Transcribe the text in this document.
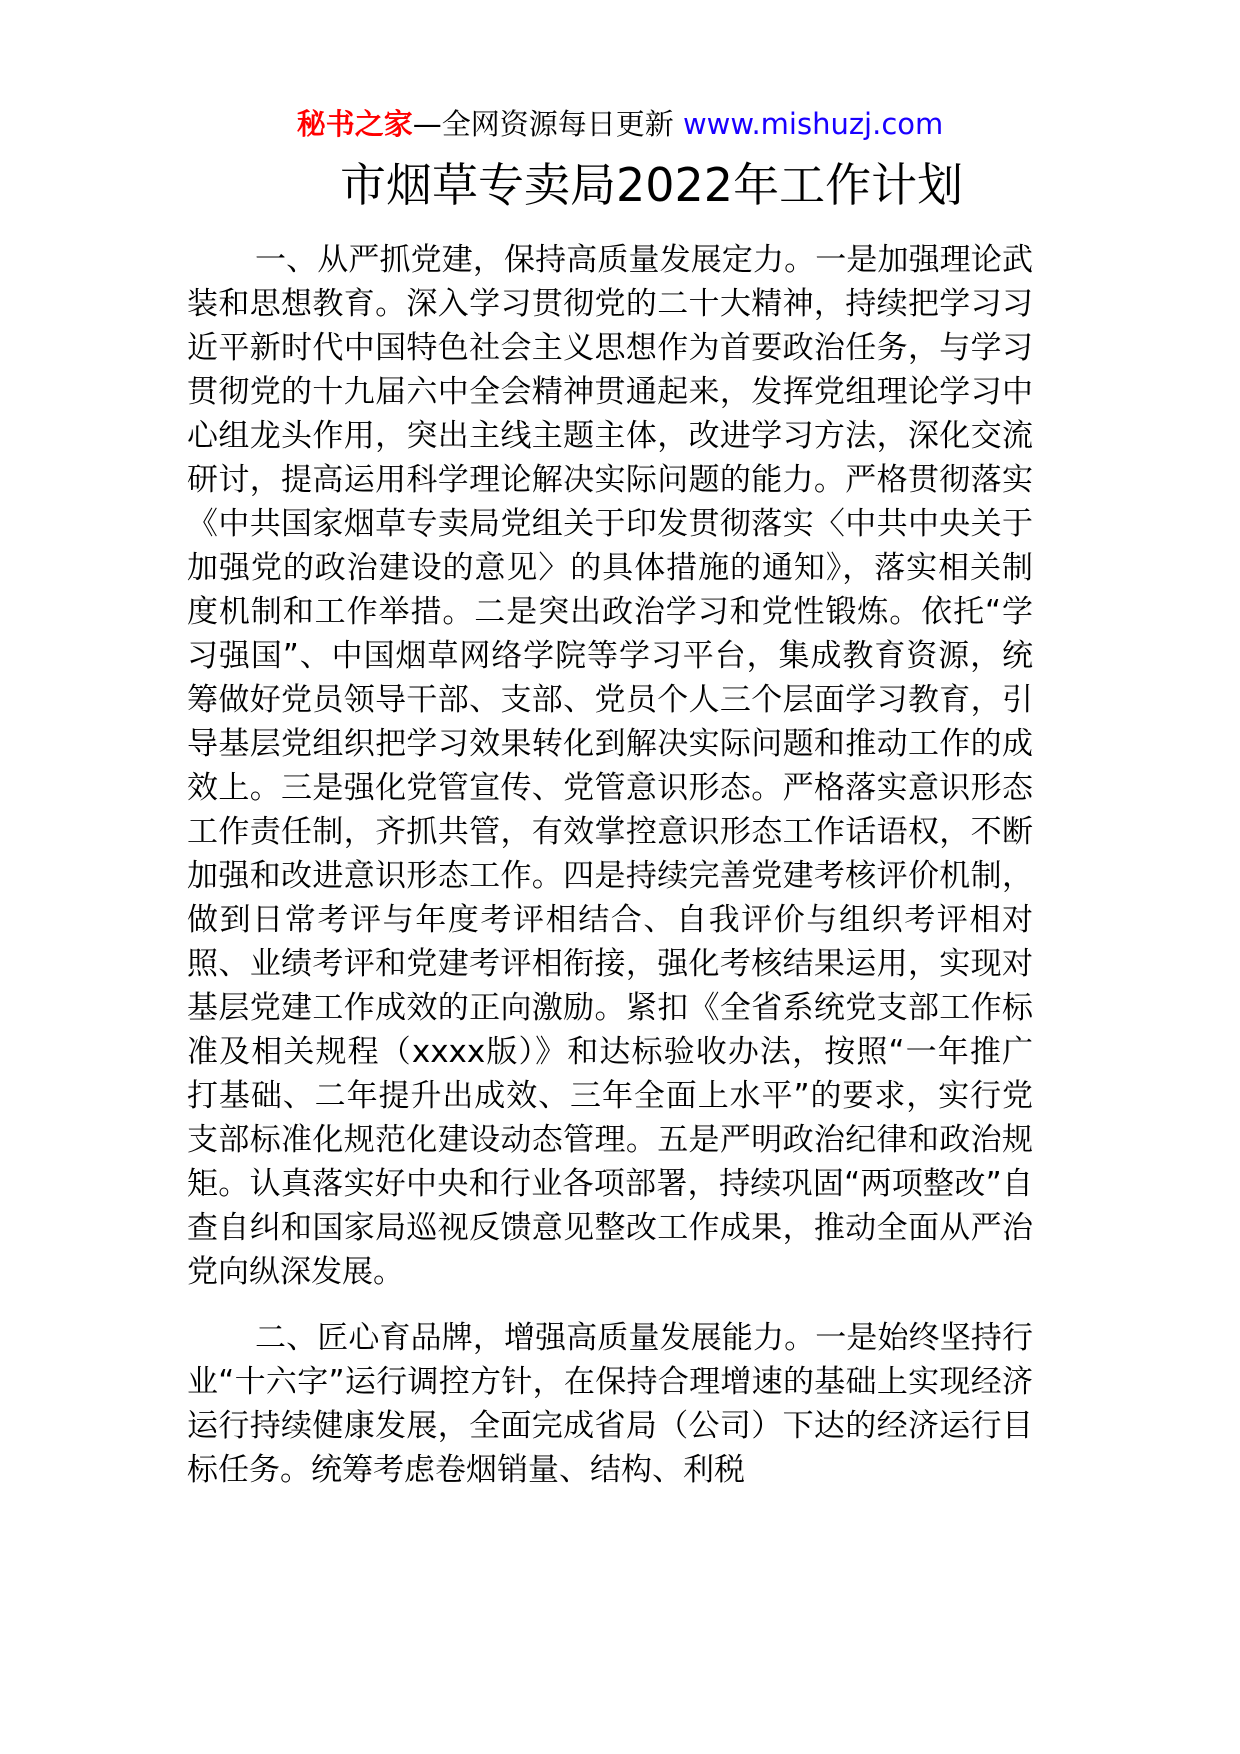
秘书之家—全网资源每日更新 www.mishuzj.com
市烟草专卖局2022年工作计划

一、从严抓党建，保持高质量发展定力。一是加强理论武装和思想教育。深入学习贯彻党的二十大精神，持续把学习习近平新时代中国特色社会主义思想作为首要政治任务，与学习贯彻党的十九届六中全会精神贯通起来，发挥党组理论学习中心组龙头作用，突出主线主题主体，改进学习方法，深化交流研讨，提高运用科学理论解决实际问题的能力。严格贯彻落实《中共国家烟草专卖局党组关于印发贯彻落实〈中共中央关于加强党的政治建设的意见〉的具体措施的通知》，落实相关制度机制和工作举措。二是突出政治学习和党性锻炼。依托“学习强国”、中国烟草网络学院等学习平台，集成教育资源，统筹做好党员领导干部、支部、党员个人三个层面学习教育，引导基层党组织把学习效果转化到解决实际问题和推动工作的成效上。三是强化党管宣传、党管意识形态。严格落实意识形态工作责任制，齐抓共管，有效掌控意识形态工作话语权，不断加强和改进意识形态工作。四是持续完善党建考核评价机制，做到日常考评与年度考评相结合、自我评价与组织考评相对照、业绩考评和党建考评相衔接，强化考核结果运用，实现对基层党建工作成效的正向激励。紧扣《全省系统党支部工作标准及相关规程（xxxx版）》和达标验收办法，按照“一年推广打基础、二年提升出成效、三年全面上水平”的要求，实行党支部标准化规范化建设动态管理。五是严明政治纪律和政治规矩。认真落实好中央和行业各项部署，持续巩固“两项整改”自查自纠和国家局巡视反馈意见整改工作成果，推动全面从严治党向纵深发展。

二、匠心育品牌，增强高质量发展能力。一是始终坚持行业“十六字”运行调控方针，在保持合理增速的基础上实现经济运行持续健康发展，全面完成省局（公司）下达的经济运行目标任务。统筹考虑卷烟销量、结构、利税
